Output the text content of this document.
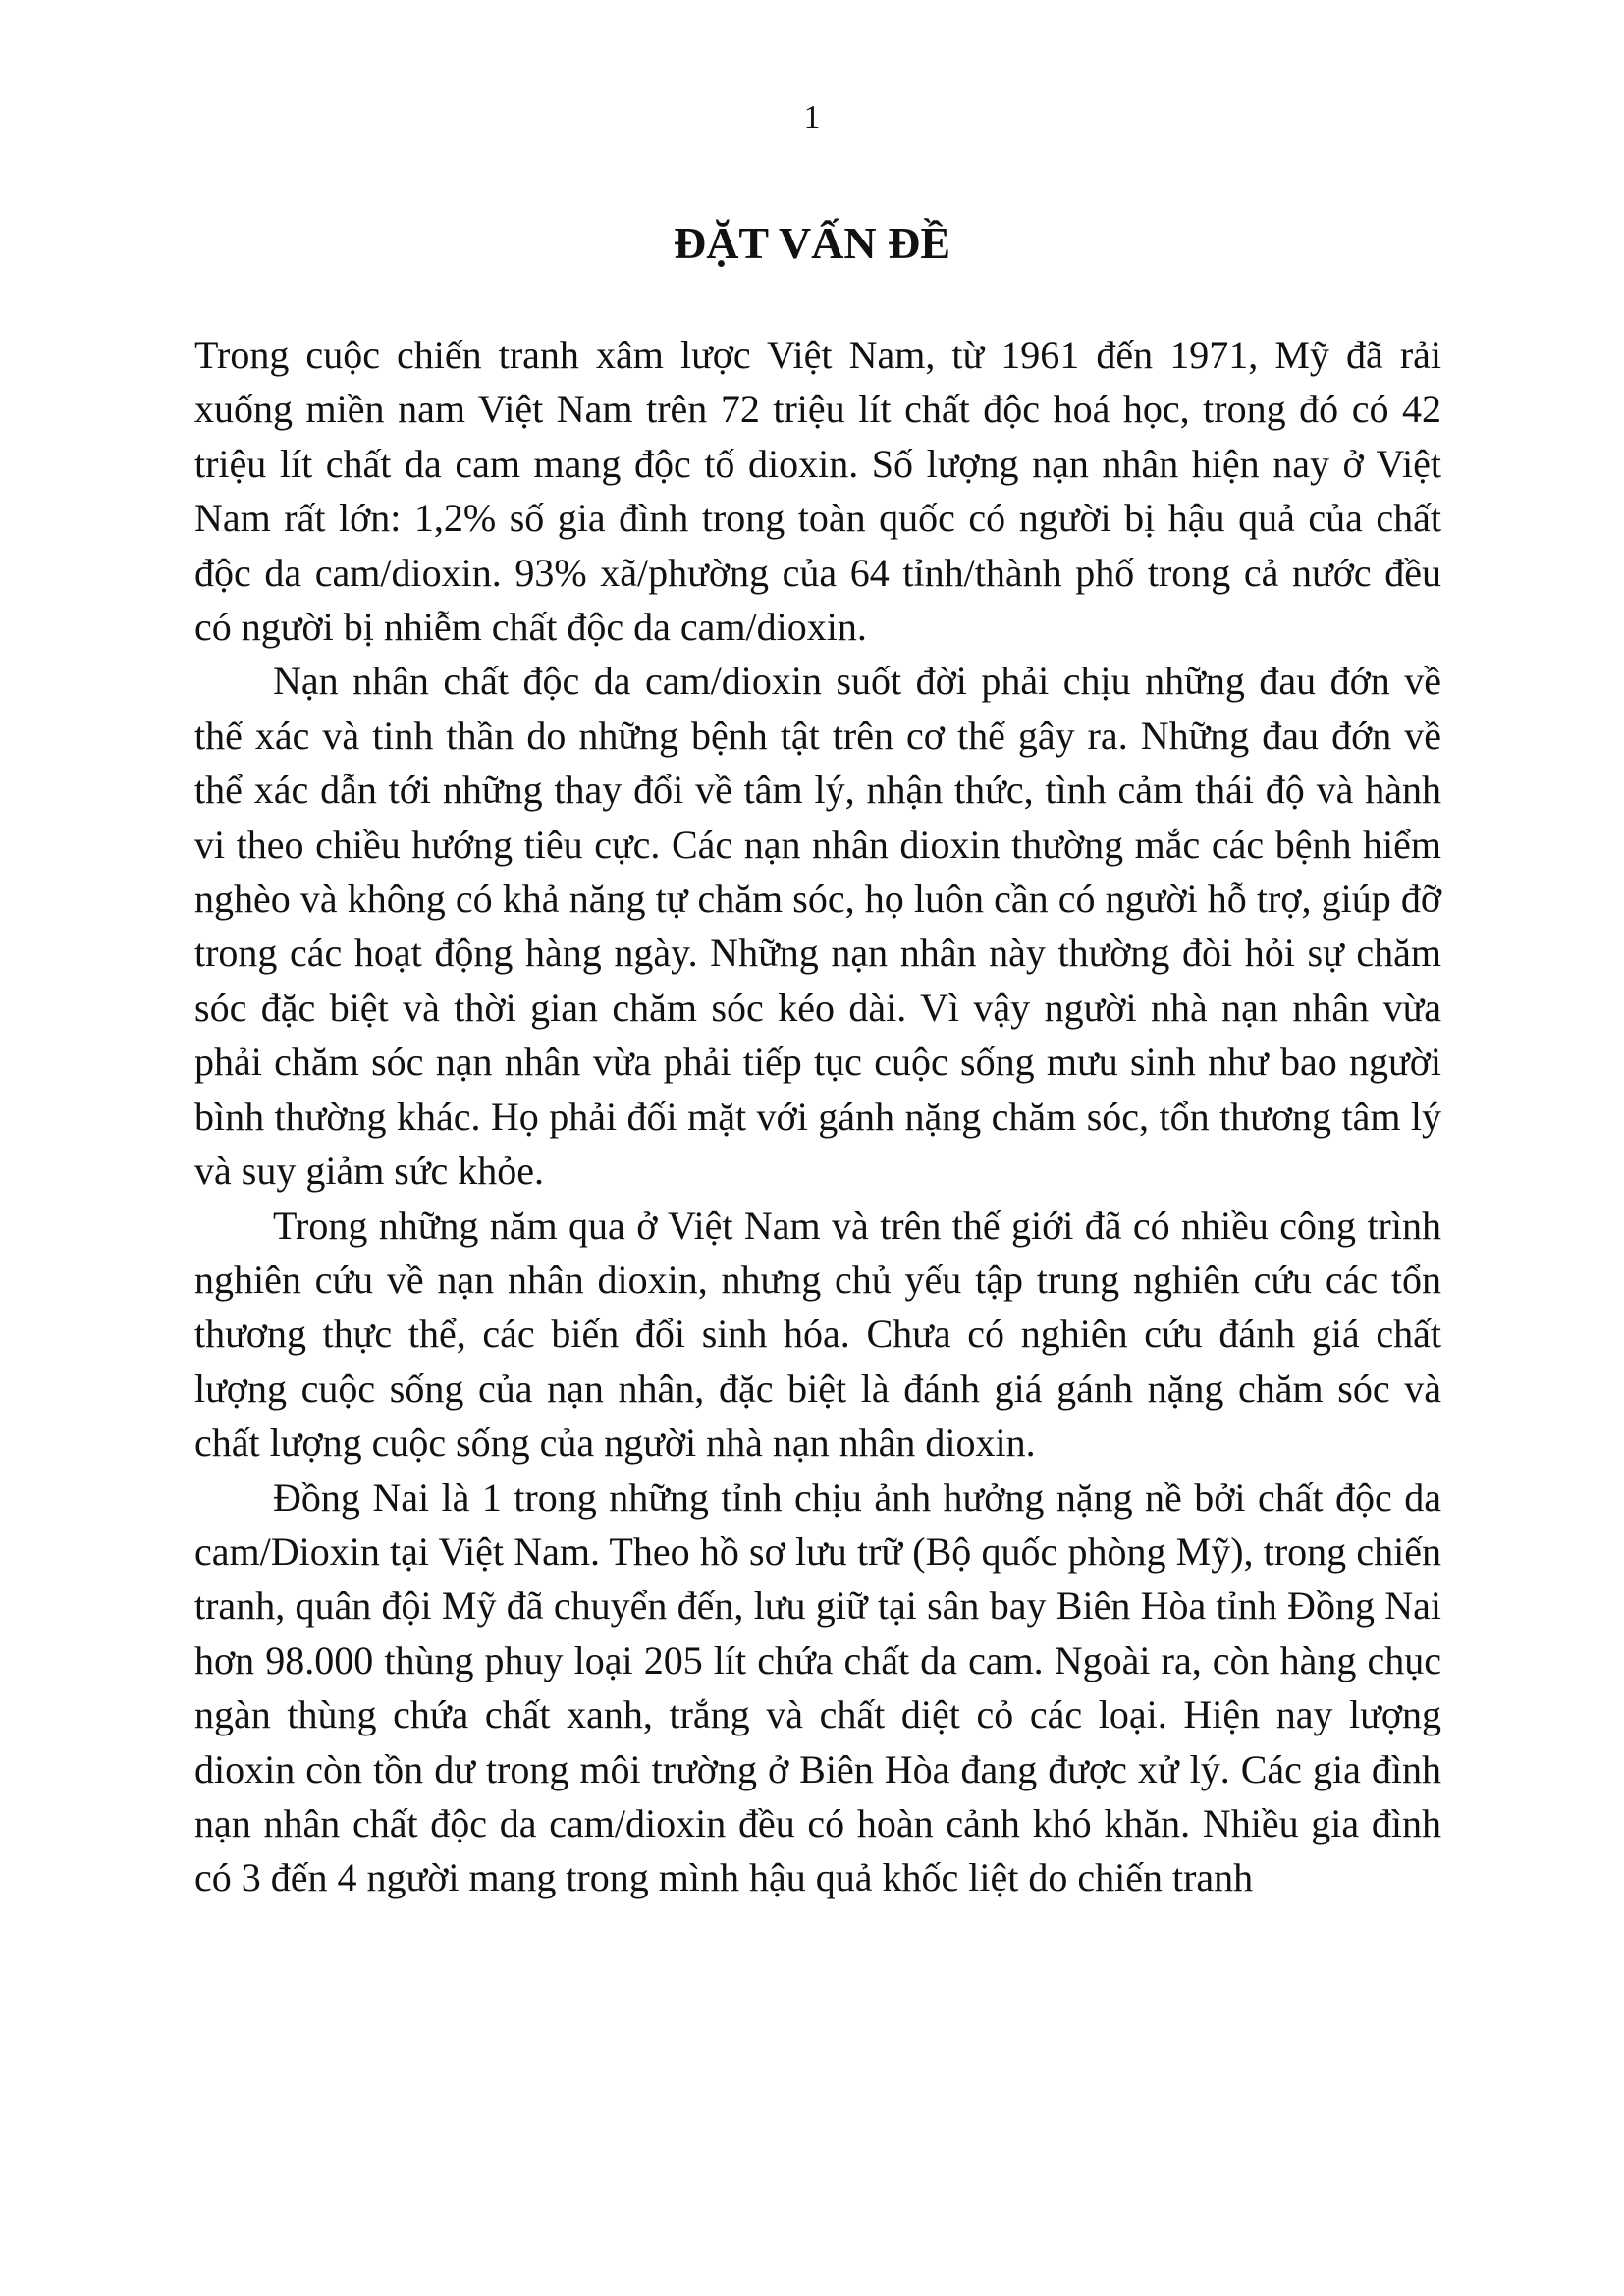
1
ĐẶT VẤN ĐỀ

Trong cuộc chiến tranh xâm lược Việt Nam, từ 1961 đến 1971, Mỹ đã rải xuống miền nam Việt Nam trên 72 triệu lít chất độc hoá học, trong đó có 42 triệu lít chất da cam mang độc tố dioxin. Số lượng nạn nhân hiện nay ở Việt Nam rất lớn: 1,2% số gia đình trong toàn quốc có người bị hậu quả của chất độc da cam/dioxin. 93% xã/phường của 64 tỉnh/thành phố trong cả nước đều có người bị nhiễm chất độc da cam/dioxin.

Nạn nhân chất độc da cam/dioxin suốt đời phải chịu những đau đớn về thể xác và tinh thần do những bệnh tật trên cơ thể gây ra. Những đau đớn về thể xác dẫn tới những thay đổi về tâm lý, nhận thức, tình cảm thái độ và hành vi theo chiều hướng tiêu cực. Các nạn nhân dioxin thường mắc các bệnh hiểm nghèo và không có khả năng tự chăm sóc, họ luôn cần có người hỗ trợ, giúp đỡ trong các hoạt động hàng ngày. Những nạn nhân này thường đòi hỏi sự chăm sóc đặc biệt và thời gian chăm sóc kéo dài. Vì vậy người nhà nạn nhân vừa phải chăm sóc nạn nhân vừa phải tiếp tục cuộc sống mưu sinh như bao người bình thường khác. Họ phải đối mặt với gánh nặng chăm sóc, tổn thương tâm lý và suy giảm sức khỏe.

Trong những năm qua ở Việt Nam và trên thế giới đã có nhiều công trình nghiên cứu về nạn nhân dioxin, nhưng chủ yếu tập trung nghiên cứu các tổn thương thực thể, các biến đổi sinh hóa. Chưa có nghiên cứu đánh giá chất lượng cuộc sống của nạn nhân, đặc biệt là đánh giá gánh nặng chăm sóc và chất lượng cuộc sống của người nhà nạn nhân dioxin.

Đồng Nai là 1 trong những tỉnh chịu ảnh hưởng nặng nề bởi chất độc da cam/Dioxin tại Việt Nam. Theo hồ sơ lưu trữ (Bộ quốc phòng Mỹ), trong chiến tranh, quân đội Mỹ đã chuyển đến, lưu giữ tại sân bay Biên Hòa tỉnh Đồng Nai hơn 98.000 thùng phuy loại 205 lít chứa chất da cam. Ngoài ra, còn hàng chục ngàn thùng chứa chất xanh, trắng và chất diệt cỏ các loại. Hiện nay lượng dioxin còn tồn dư trong môi trường ở Biên Hòa đang được xử lý. Các gia đình nạn nhân chất độc da cam/dioxin đều có hoàn cảnh khó khăn. Nhiều gia đình có 3 đến 4 người mang trong mình hậu quả khốc liệt do chiến tranh
